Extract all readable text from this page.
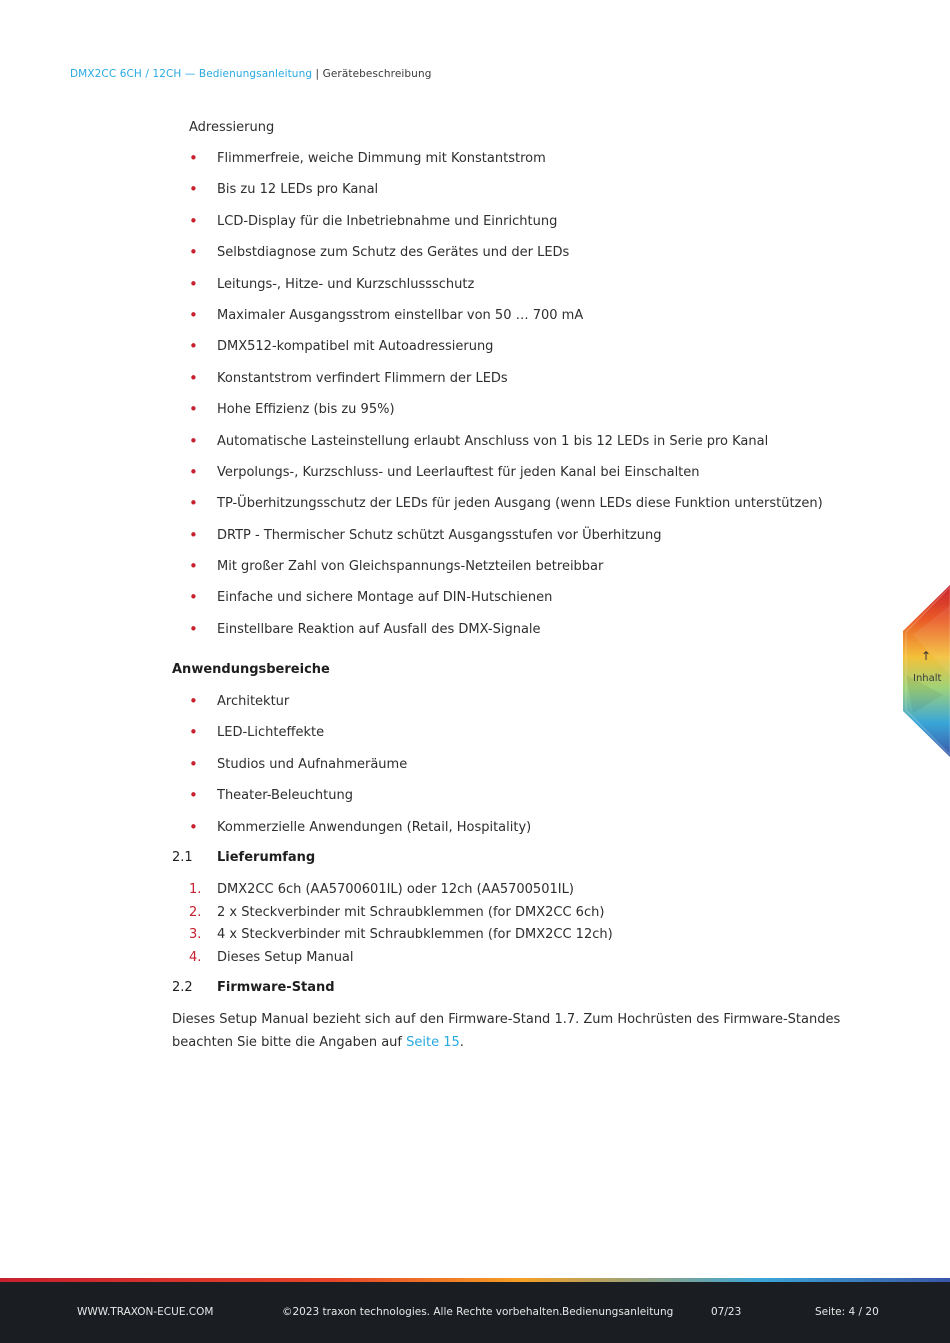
DMX2CC 6CH / 12CH — Bedienungsanleitung | Gerätebeschreibung
Adressierung
• Flimmerfreie, weiche Dimmung mit Konstantstrom
• Bis zu 12 LEDs pro Kanal
• LCD-Display für die Inbetriebnahme und Einrichtung
• Selbstdiagnose zum Schutz des Gerätes und der LEDs
• Leitungs-, Hitze- und Kurzschlussschutz
• Maximaler Ausgangsstrom einstellbar von 50 … 700 mA
• DMX512-kompatibel mit Autoadressierung
• Konstantstrom verfindert Flimmern der LEDs
• Hohe Effizienz (bis zu 95%)
• Automatische Lasteinstellung erlaubt Anschluss von 1 bis 12 LEDs in Serie pro Kanal
• Verpolungs-, Kurzschluss- und Leerlauftest für jeden Kanal bei Einschalten
• TP-Überhitzungsschutz der LEDs für jeden Ausgang (wenn LEDs diese Funktion unterstützen)
• DRTP - Thermischer Schutz schützt Ausgangsstufen vor Überhitzung
• Mit großer Zahl von Gleichspannungs-Netzteilen betreibbar
• Einfache und sichere Montage auf DIN-Hutschienen
• Einstellbare Reaktion auf Ausfall des DMX-Signale
Anwendungsbereiche
• Architektur
• LED-Lichteffekte
• Studios und Aufnahmeräume
• Theater-Beleuchtung
• Kommerzielle Anwendungen (Retail, Hospitality)
2.1 Lieferumfang
1. DMX2CC 6ch (AA5700601IL) oder 12ch (AA5700501IL)
2. 2 x Steckverbinder mit Schraubklemmen (for DMX2CC 6ch)
3. 4 x Steckverbinder mit Schraubklemmen (for DMX2CC 12ch)
4. Dieses Setup Manual
2.2 Firmware-Stand
Dieses Setup Manual bezieht sich auf den Firmware-Stand 1.7. Zum Hochrüsten des Firmware-Standes beachten Sie bitte die Angaben auf Seite 15.
↑
Inhalt
WWW.TRAXON-ECUE.COM	©2023 traxon technologies. Alle Rechte vorbehalten. Bedienungsanleitung	07/23	Seite: 4 / 20
